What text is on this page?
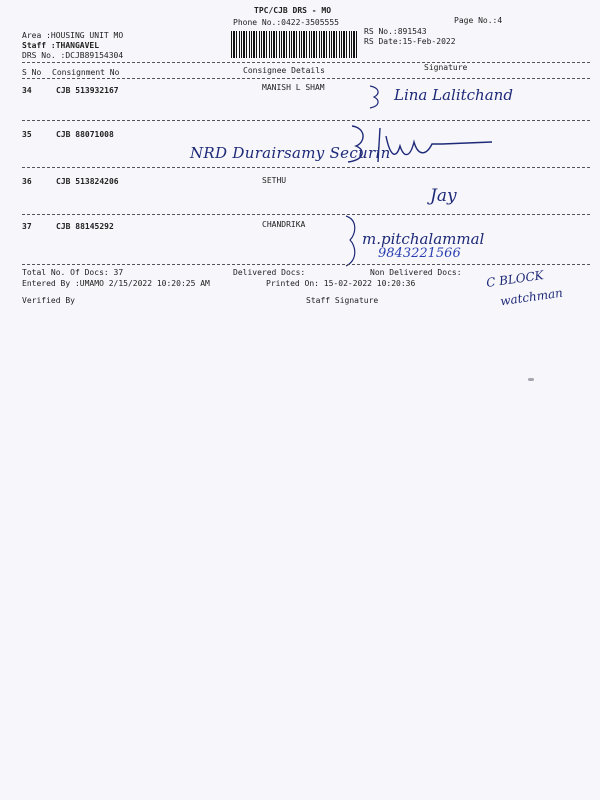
TPC/CJB DRS - MO
Phone No.:0422-3505555	Page No.:4
Area :HOUSING UNIT MO
Staff :THANGAVEL
DRS No. :DCJB89154304
RS No.:891543
RS Date:15-Feb-2022
S No Consignment No	Consignee Details	Signature
34	CJB 513932167	MANISH L SHAM	Lina Lalitchand
35	CJB 88071008
NRD Durairsamy Securin
36	CJB 513824206	SETHU
Jay
37	CJB 88145292	CHANDRIKA
m.pitchalammal
9843221566
Total No. Of Docs: 37	Delivered Docs:	Non Delivered Docs:
Entered By :UMAMO 2/15/2022 10:20:25 AM	Printed On: 15-02-2022 10:20:36
Verified By	Staff Signature
C BLOCK
watchman
